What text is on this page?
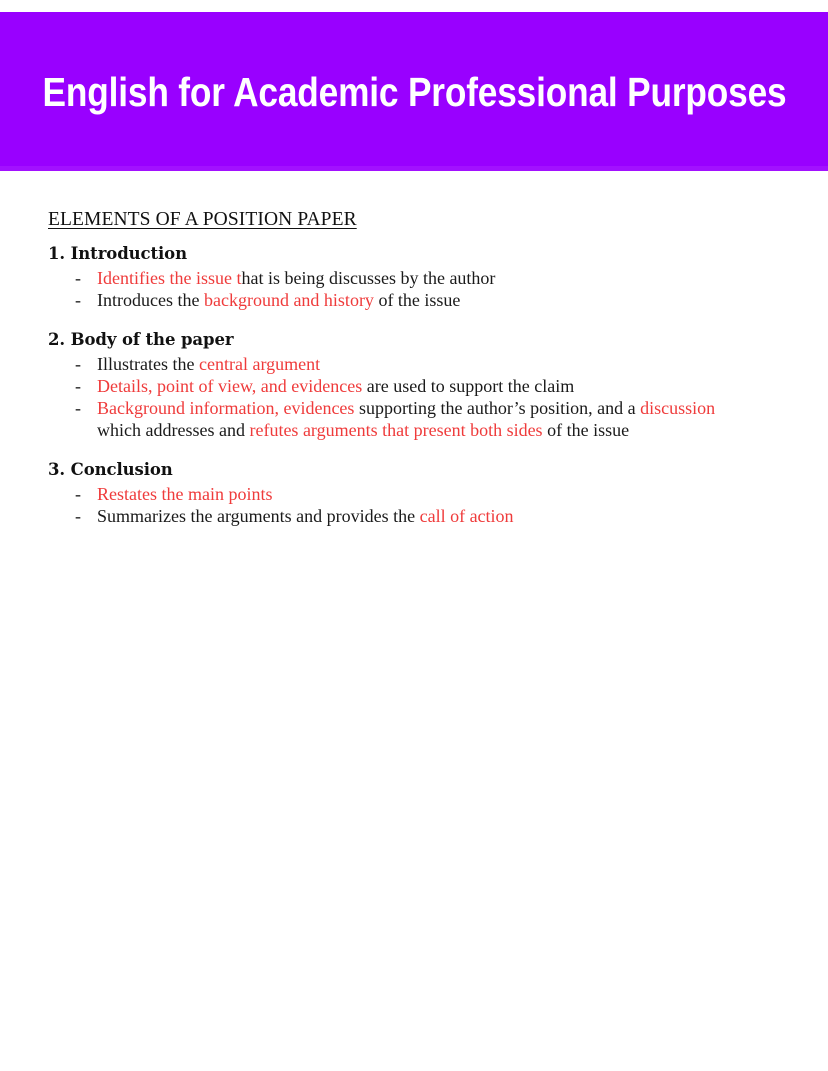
English for Academic Professional Purposes
ELEMENTS OF A POSITION PAPER
1. Introduction
- Identifies the issue that is being discusses by the author
- Introduces the background and history of the issue
2. Body of the paper
- Illustrates the central argument
- Details, point of view, and evidences are used to support the claim
- Background information, evidences supporting the author’s position, and a discussion which addresses and refutes arguments that present both sides of the issue
3. Conclusion
- Restates the main points
- Summarizes the arguments and provides the call of action
